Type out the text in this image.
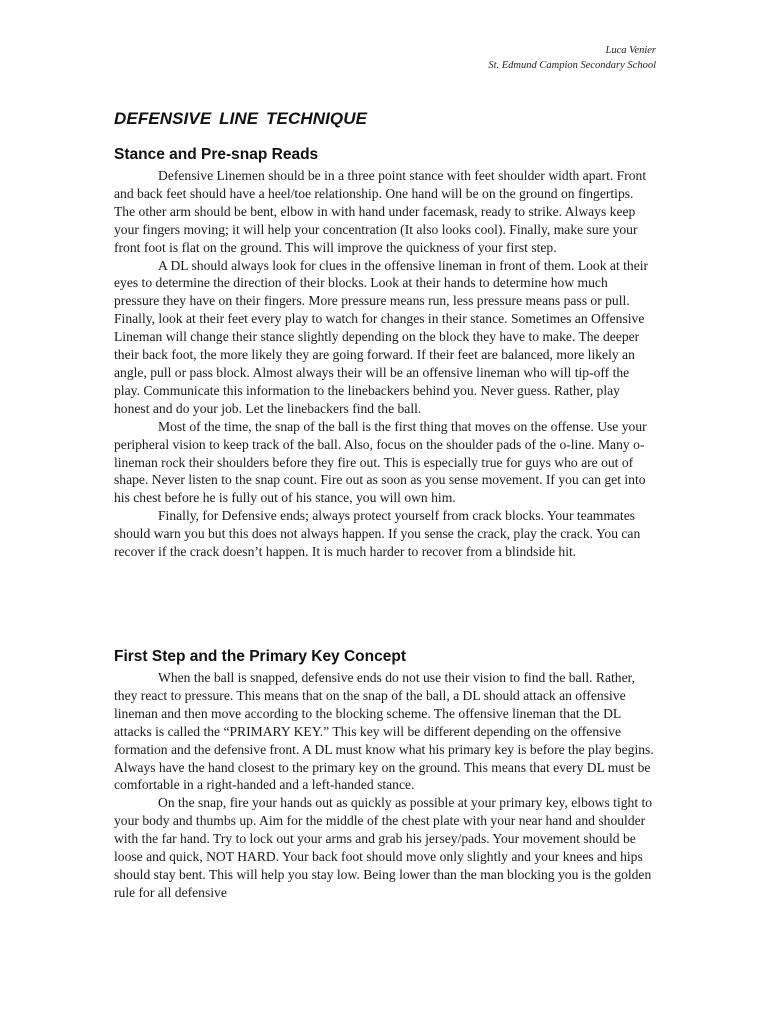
Luca Venier
St. Edmund Campion Secondary School
DEFENSIVE LINE TECHNIQUE
Stance and Pre-snap Reads

Defensive Linemen should be in a three point stance with feet shoulder width apart. Front and back feet should have a heel/toe relationship. One hand will be on the ground on fingertips. The other arm should be bent, elbow in with hand under facemask, ready to strike. Always keep your fingers moving; it will help your concentration (It also looks cool). Finally, make sure your front foot is flat on the ground. This will improve the quickness of your first step.

A DL should always look for clues in the offensive lineman in front of them. Look at their eyes to determine the direction of their blocks. Look at their hands to determine how much pressure they have on their fingers. More pressure means run, less pressure means pass or pull. Finally, look at their feet every play to watch for changes in their stance. Sometimes an Offensive Lineman will change their stance slightly depending on the block they have to make. The deeper their back foot, the more likely they are going forward. If their feet are balanced, more likely an angle, pull or pass block. Almost always their will be an offensive lineman who will tip-off the play. Communicate this information to the linebackers behind you. Never guess. Rather, play honest and do your job. Let the linebackers find the ball.

Most of the time, the snap of the ball is the first thing that moves on the offense. Use your peripheral vision to keep track of the ball. Also, focus on the shoulder pads of the o-line. Many o-lineman rock their shoulders before they fire out. This is especially true for guys who are out of shape. Never listen to the snap count. Fire out as soon as you sense movement. If you can get into his chest before he is fully out of his stance, you will own him.

Finally, for Defensive ends; always protect yourself from crack blocks. Your teammates should warn you but this does not always happen. If you sense the crack, play the crack. You can recover if the crack doesn’t happen. It is much harder to recover from a blindside hit.

First Step and the Primary Key Concept

When the ball is snapped, defensive ends do not use their vision to find the ball. Rather, they react to pressure. This means that on the snap of the ball, a DL should attack an offensive lineman and then move according to the blocking scheme. The offensive lineman that the DL attacks is called the “PRIMARY KEY.” This key will be different depending on the offensive formation and the defensive front. A DL must know what his primary key is before the play begins. Always have the hand closest to the primary key on the ground. This means that every DL must be comfortable in a right-handed and a left-handed stance.

On the snap, fire your hands out as quickly as possible at your primary key, elbows tight to your body and thumbs up. Aim for the middle of the chest plate with your near hand and shoulder with the far hand. Try to lock out your arms and grab his jersey/pads. Your movement should be loose and quick, NOT HARD. Your back foot should move only slightly and your knees and hips should stay bent. This will help you stay low. Being lower than the man blocking you is the golden rule for all defensive
